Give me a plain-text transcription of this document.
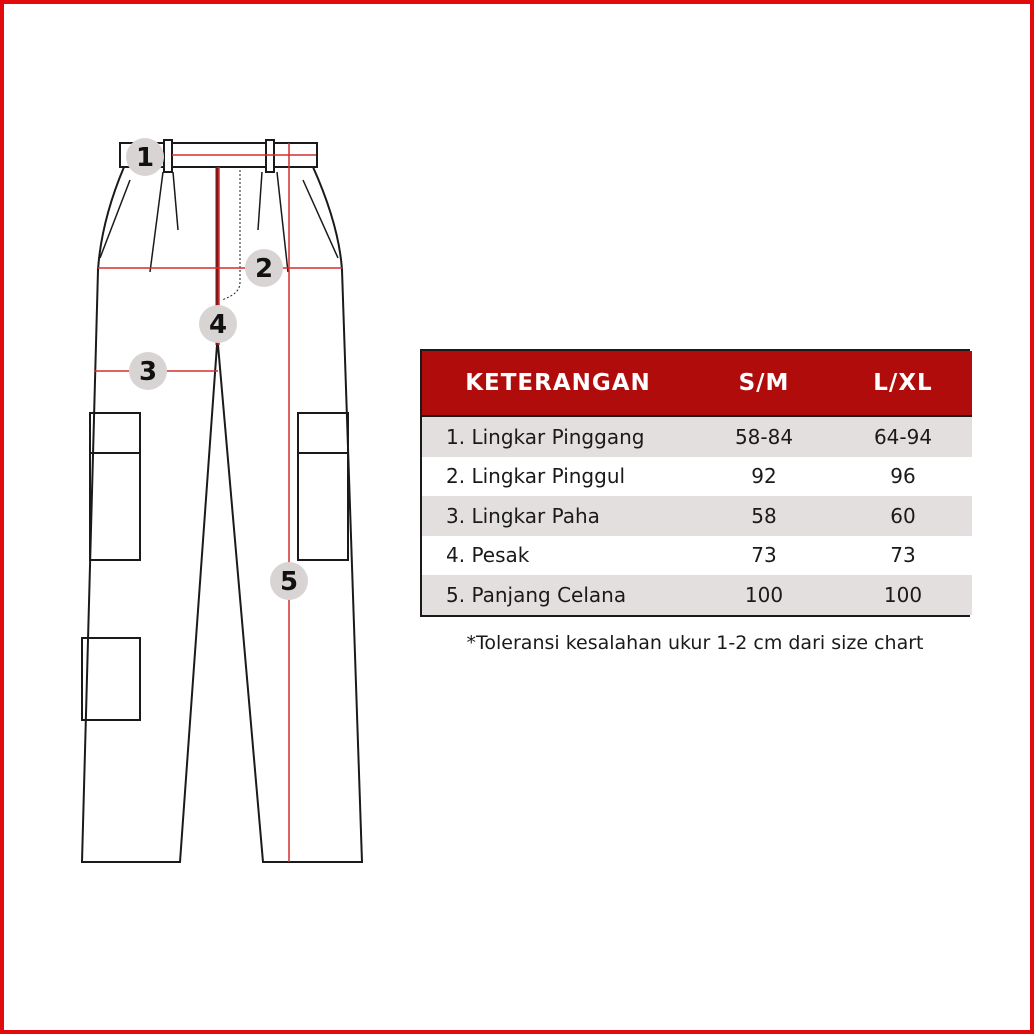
1
2
3
4
5
KETERANGAN	S/M	L/XL
1. Lingkar Pinggang	58-84	64-94
2. Lingkar Pinggul	92	96
3. Lingkar Paha	58	60
4. Pesak	73	73
5. Panjang Celana	100	100
*Toleransi kesalahan ukur 1-2 cm dari size chart
